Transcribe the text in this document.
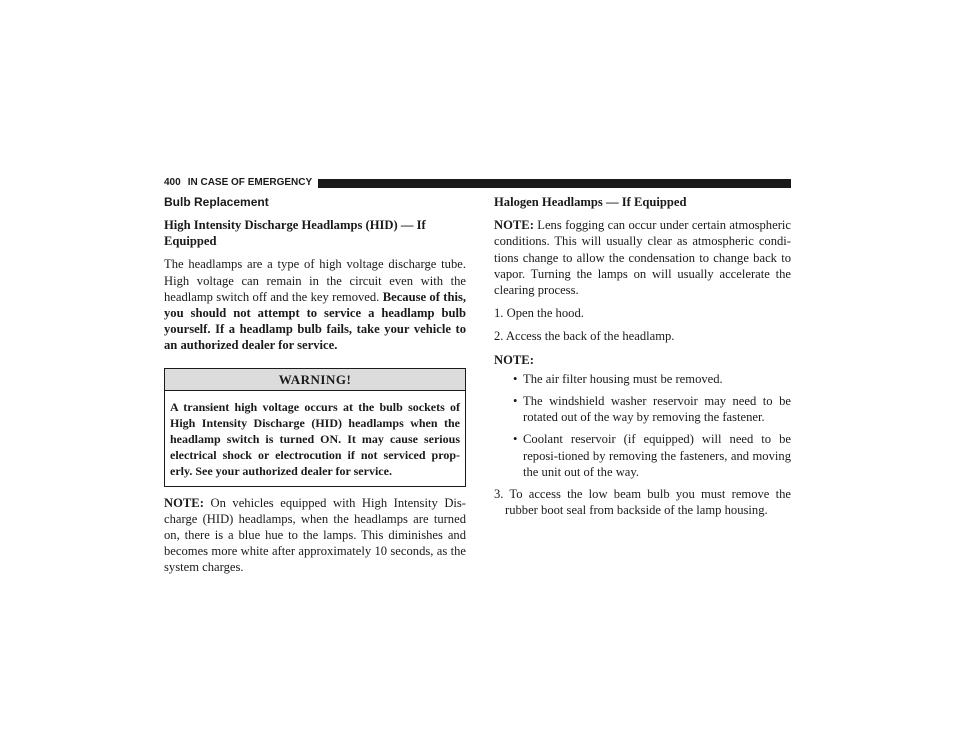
400 IN CASE OF EMERGENCY

Bulb Replacement

High Intensity Discharge Headlamps (HID) — If Equipped

The headlamps are a type of high voltage discharge tube. High voltage can remain in the circuit even with the headlamp switch off and the key removed. Because of this, you should not attempt to service a headlamp bulb yourself. If a headlamp bulb fails, take your vehicle to an authorized dealer for service.

WARNING!
A transient high voltage occurs at the bulb sockets of High Intensity Discharge (HID) headlamps when the headlamp switch is turned ON. It may cause serious electrical shock or electrocution if not serviced prop-erly. See your authorized dealer for service.

NOTE: On vehicles equipped with High Intensity Dis-charge (HID) headlamps, when the headlamps are turned on, there is a blue hue to the lamps. This diminishes and becomes more white after approximately 10 seconds, as the system charges.

Halogen Headlamps — If Equipped

NOTE: Lens fogging can occur under certain atmospheric conditions. This will usually clear as atmospheric condi-tions change to allow the condensation to change back to vapor. Turning the lamps on will usually accelerate the clearing process.

1. Open the hood.

2. Access the back of the headlamp.

NOTE:

• The air filter housing must be removed.
• The windshield washer reservoir may need to be rotated out of the way by removing the fastener.
• Coolant reservoir (if equipped) will need to be reposi-tioned by removing the fasteners, and moving the unit out of the way.

3. To access the low beam bulb you must remove the rubber boot seal from backside of the lamp housing.
